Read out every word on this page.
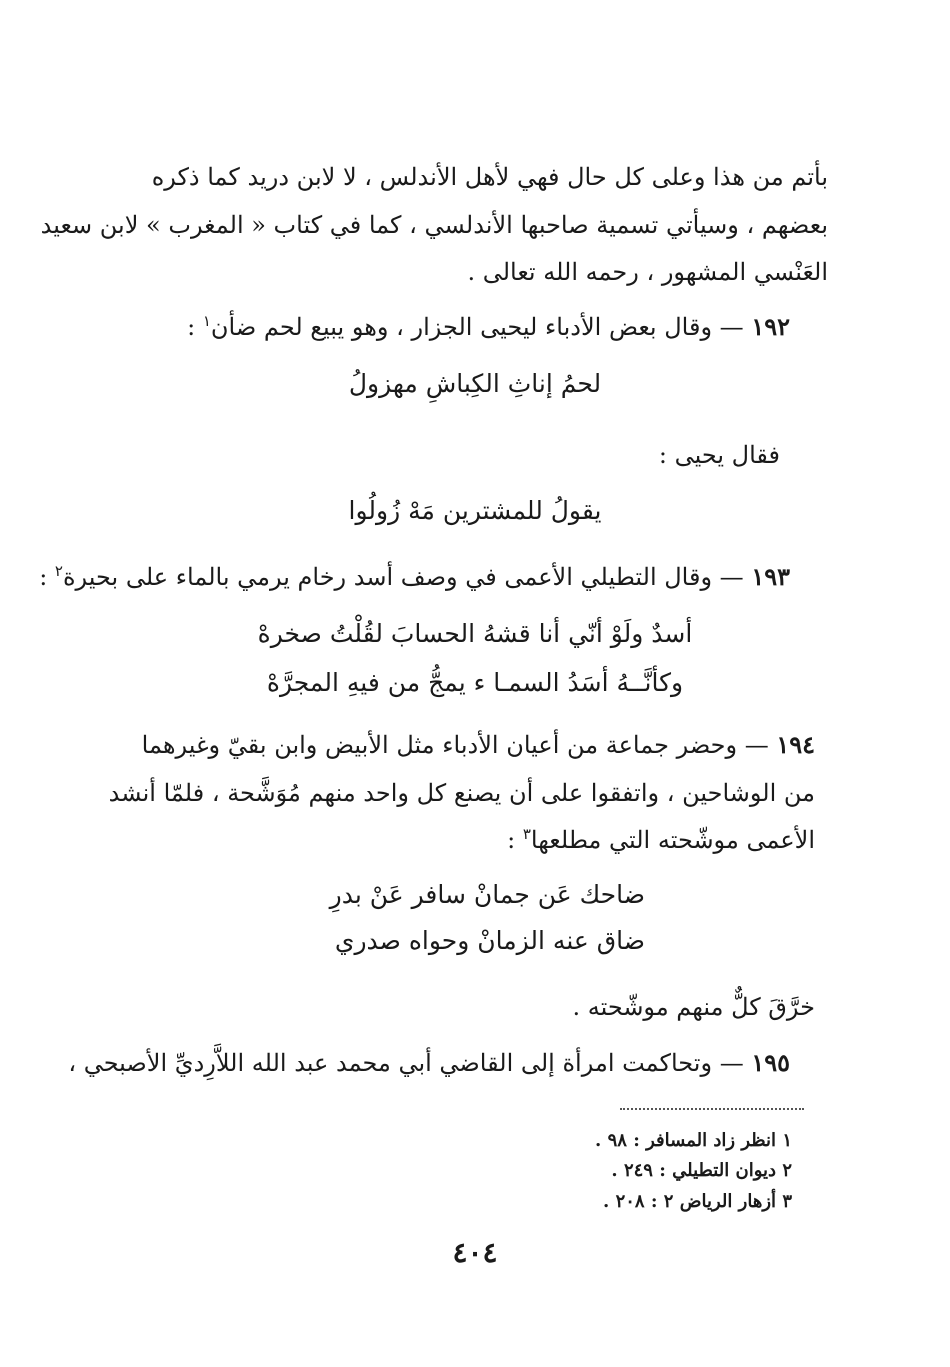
بأتم من هذا وعلى كل حال فهي لأهل الأندلس ، لا لابن دريد كما ذكره
بعضهم ، وسيأتي تسمية صاحبها الأندلسي ، كما في كتاب « المغرب » لابن سعيد
العَنْسي المشهور ، رحمه الله تعالى .
١٩٢ — وقال بعض الأدباء ليحيى الجزار ، وهو يبيع لحم ضأن$^١$ :
لحمُ إناثِ الكِباشِ مهزولُ
فقال يحيى :
يقولُ للمشترين مَهْ زُولُوا
١٩٣ — وقال التطيلي الأعمى في وصف أسد رخام يرمي بالماء على بحيرة$^٢$ :
أسدٌ ولَوْ أنّي أنا قشهُ الحسابَ لقُلْتُ صخرهْ
وكأنَّــهُ أسَدُ السمـا ء يمجُّ من فيهِ المجرَّهْ
١٩٤ — وحضر جماعة من أعيان الأدباء مثل الأبيض وابن بقيّ وغيرهما
من الوشاحين ، واتفقوا على أن يصنع كل واحد منهم مُوَشَّحة ، فلمّا أنشد
الأعمى موشّحته التي مطلعها$^٣$ :
ضاحك عَن جمانْ سافر عَنْ بدرِ
ضاق عنه الزمانْ وحواه صدري
خرَّقَ كلٌّ منهم موشّحته .
١٩٥ — وتحاكمت امرأة إلى القاضي أبي محمد عبد الله اللاَّرِديِّ الأصبحي ،
١ انظر زاد المسافر : ٩٨ .
٢ ديوان التطيلي : ٢٤٩ .
٣ أزهار الرياض ٢ : ٢٠٨ .
٤٠٤
